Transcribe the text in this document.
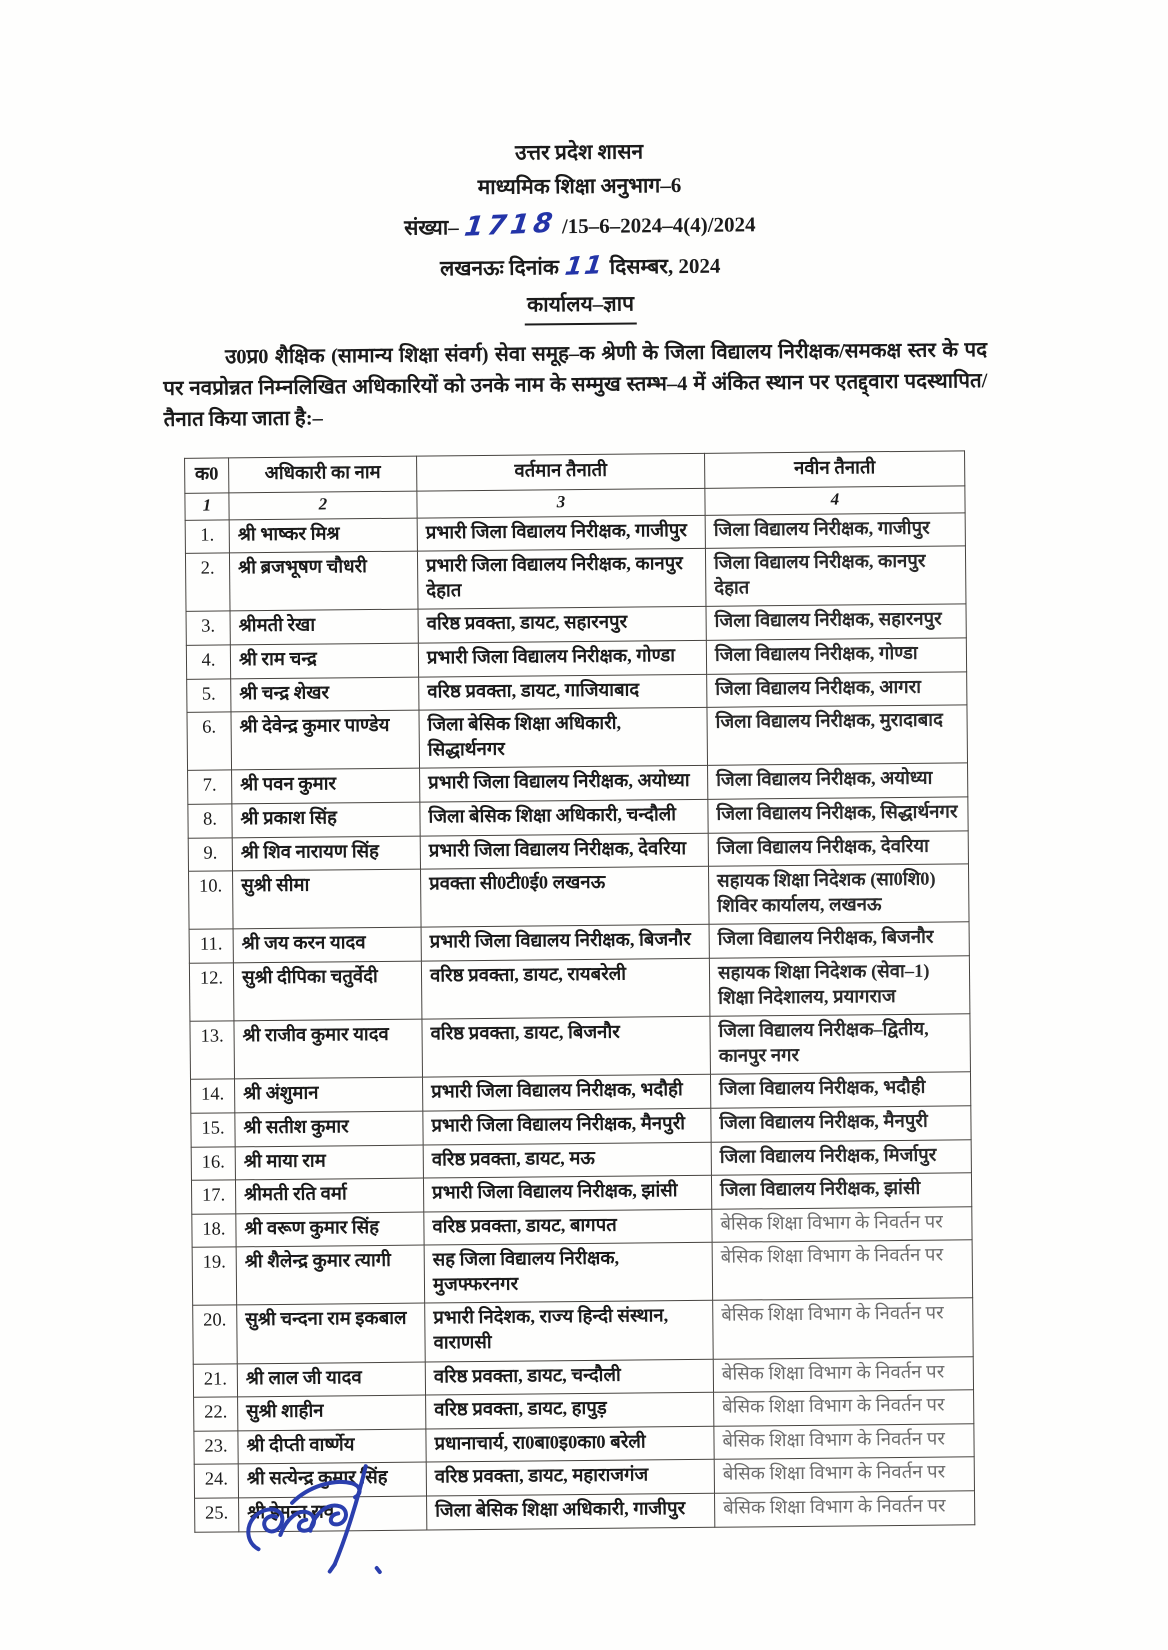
उत्तर प्रदेश शासन
माध्यमिक शिक्षा अनुभाग–6
संख्या– 1718 /15–6–2024–4(4)/2024
लखनऊः दिनांक 11 दिसम्बर, 2024
कार्यालय–ज्ञाप

उ0प्र0 शैक्षिक (सामान्य शिक्षा संवर्ग) सेवा समूह–क श्रेणी के जिला विद्यालय निरीक्षक/समकक्ष स्तर के पद पर नवप्रोन्नत निम्नलिखित अधिकारियों को उनके नाम के सम्मुख स्तम्भ–4 में अंकित स्थान पर एतद्द्वारा पदस्थापित/तैनात किया जाता है:–

क0	अधिकारी का नाम	वर्तमान तैनाती	नवीन तैनाती
1	2	3	4
1.	श्री भाष्कर मिश्र	प्रभारी जिला विद्यालय निरीक्षक, गाजीपुर	जिला विद्यालय निरीक्षक, गाजीपुर
2.	श्री ब्रजभूषण चौधरी	प्रभारी जिला विद्यालय निरीक्षक, कानपुर देहात	जिला विद्यालय निरीक्षक, कानपुर देहात
3.	श्रीमती रेखा	वरिष्ठ प्रवक्ता, डायट, सहारनपुर	जिला विद्यालय निरीक्षक, सहारनपुर
4.	श्री राम चन्द्र	प्रभारी जिला विद्यालय निरीक्षक, गोण्डा	जिला विद्यालय निरीक्षक, गोण्डा
5.	श्री चन्द्र शेखर	वरिष्ठ प्रवक्ता, डायट, गाजियाबाद	जिला विद्यालय निरीक्षक, आगरा
6.	श्री देवेन्द्र कुमार पाण्डेय	जिला बेसिक शिक्षा अधिकारी, सिद्धार्थनगर	जिला विद्यालय निरीक्षक, मुरादाबाद
7.	श्री पवन कुमार	प्रभारी जिला विद्यालय निरीक्षक, अयोध्या	जिला विद्यालय निरीक्षक, अयोध्या
8.	श्री प्रकाश सिंह	जिला बेसिक शिक्षा अधिकारी, चन्दौली	जिला विद्यालय निरीक्षक, सिद्धार्थनगर
9.	श्री शिव नारायण सिंह	प्रभारी जिला विद्यालय निरीक्षक, देवरिया	जिला विद्यालय निरीक्षक, देवरिया
10.	सुश्री सीमा	प्रवक्ता सी0टी0ई0 लखनऊ	सहायक शिक्षा निदेशक (सा0शि0) शिविर कार्यालय, लखनऊ
11.	श्री जय करन यादव	प्रभारी जिला विद्यालय निरीक्षक, बिजनौर	जिला विद्यालय निरीक्षक, बिजनौर
12.	सुश्री दीपिका चतुर्वेदी	वरिष्ठ प्रवक्ता, डायट, रायबरेली	सहायक शिक्षा निदेशक (सेवा–1) शिक्षा निदेशालय, प्रयागराज
13.	श्री राजीव कुमार यादव	वरिष्ठ प्रवक्ता, डायट, बिजनौर	जिला विद्यालय निरीक्षक–द्वितीय, कानपुर नगर
14.	श्री अंशुमान	प्रभारी जिला विद्यालय निरीक्षक, भदौही	जिला विद्यालय निरीक्षक, भदौही
15.	श्री सतीश कुमार	प्रभारी जिला विद्यालय निरीक्षक, मैनपुरी	जिला विद्यालय निरीक्षक, मैनपुरी
16.	श्री माया राम	वरिष्ठ प्रवक्ता, डायट, मऊ	जिला विद्यालय निरीक्षक, मिर्जापुर
17.	श्रीमती रति वर्मा	प्रभारी जिला विद्यालय निरीक्षक, झांसी	जिला विद्यालय निरीक्षक, झांसी
18.	श्री वरूण कुमार सिंह	वरिष्ठ प्रवक्ता, डायट, बागपत	बेसिक शिक्षा विभाग के निवर्तन पर
19.	श्री शैलेन्द्र कुमार त्यागी	सह जिला विद्यालय निरीक्षक, मुजफ्फरनगर	बेसिक शिक्षा विभाग के निवर्तन पर
20.	सुश्री चन्दना राम इकबाल	प्रभारी निदेशक, राज्य हिन्दी संस्थान, वाराणसी	बेसिक शिक्षा विभाग के निवर्तन पर
21.	श्री लाल जी यादव	वरिष्ठ प्रवक्ता, डायट, चन्दौली	बेसिक शिक्षा विभाग के निवर्तन पर
22.	सुश्री शाहीन	वरिष्ठ प्रवक्ता, डायट, हापुड़	बेसिक शिक्षा विभाग के निवर्तन पर
23.	श्री दीप्ती वार्ष्णेय	प्रधानाचार्य, रा0बा0इ0का0 बरेली	बेसिक शिक्षा विभाग के निवर्तन पर
24.	श्री सत्येन्द्र कुमार सिंह	वरिष्ठ प्रवक्ता, डायट, महाराजगंज	बेसिक शिक्षा विभाग के निवर्तन पर
25.	श्री हेमन्त राव	जिला बेसिक शिक्षा अधिकारी, गाजीपुर	बेसिक शिक्षा विभाग के निवर्तन पर
